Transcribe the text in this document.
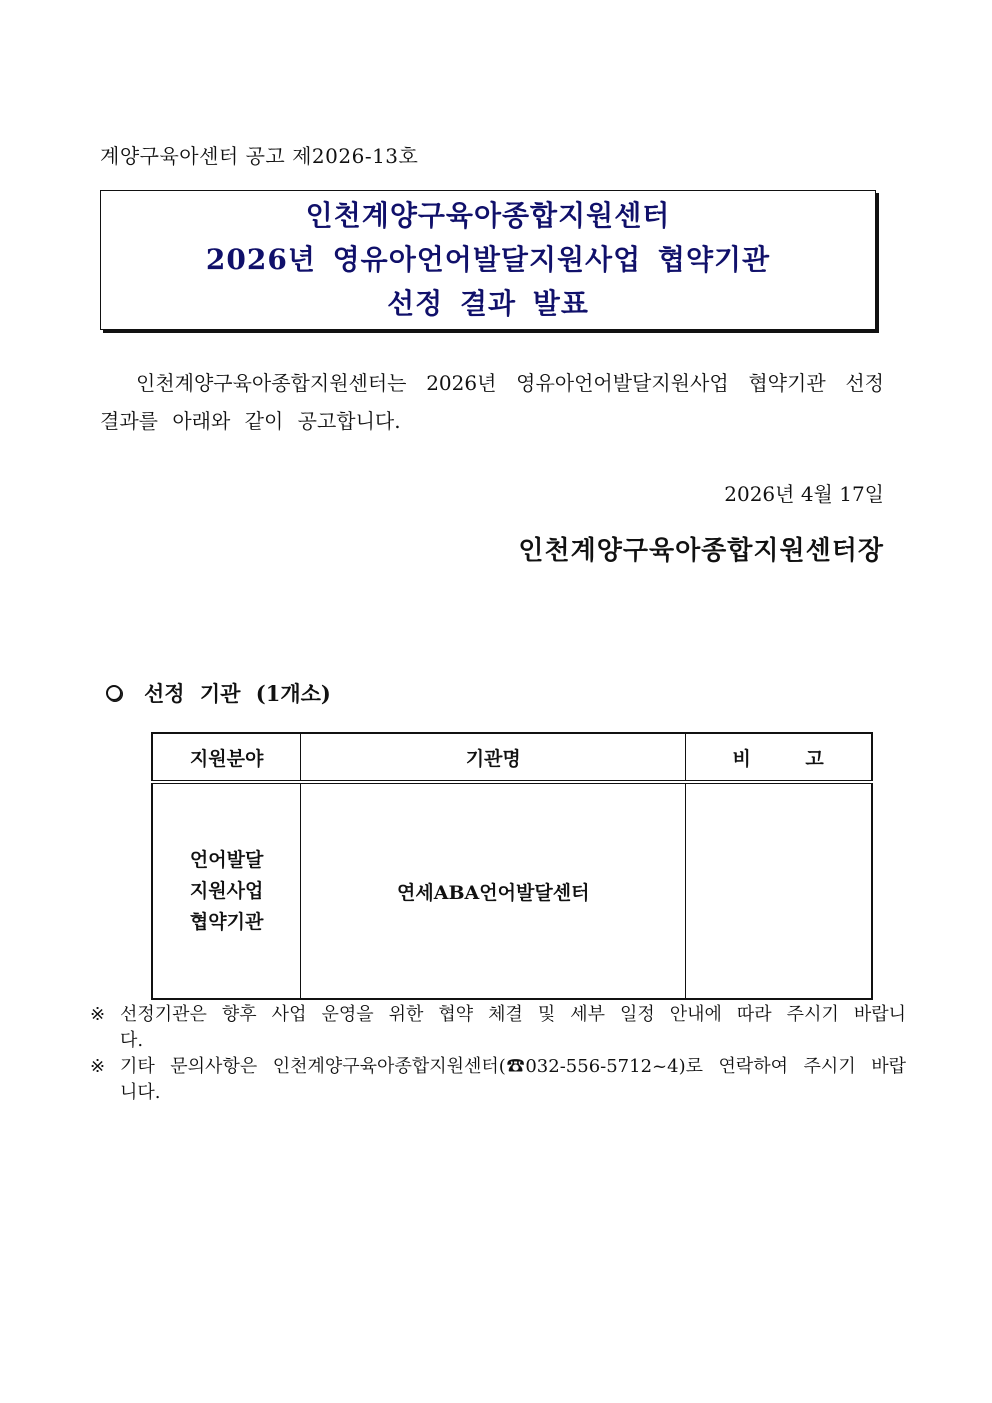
계양구육아센터 공고 제2026-13호
인천계양구육아종합지원센터
2026년 영유아언어발달지원사업 협약기관
선정 결과 발표
인천계양구육아종합지원센터는 2026년 영유아언어발달지원사업 협약기관 선정 결과를 아래와 같이 공고합니다.
2026년 4월 17일
인천계양구육아종합지원센터장
선정 기관 (1개소)
지원분야	기관명	비 고

언어발달
지원사업
협약기관	연세ABA언어발달센터	
※ 선정기관은 향후 사업 운영을 위한 협약 체결 및 세부 일정 안내에 따라 주시기 바랍니다.
※ 기타 문의사항은 인천계양구육아종합지원센터(☎032-556-5712~4)로 연락하여 주시기 바랍니다.
